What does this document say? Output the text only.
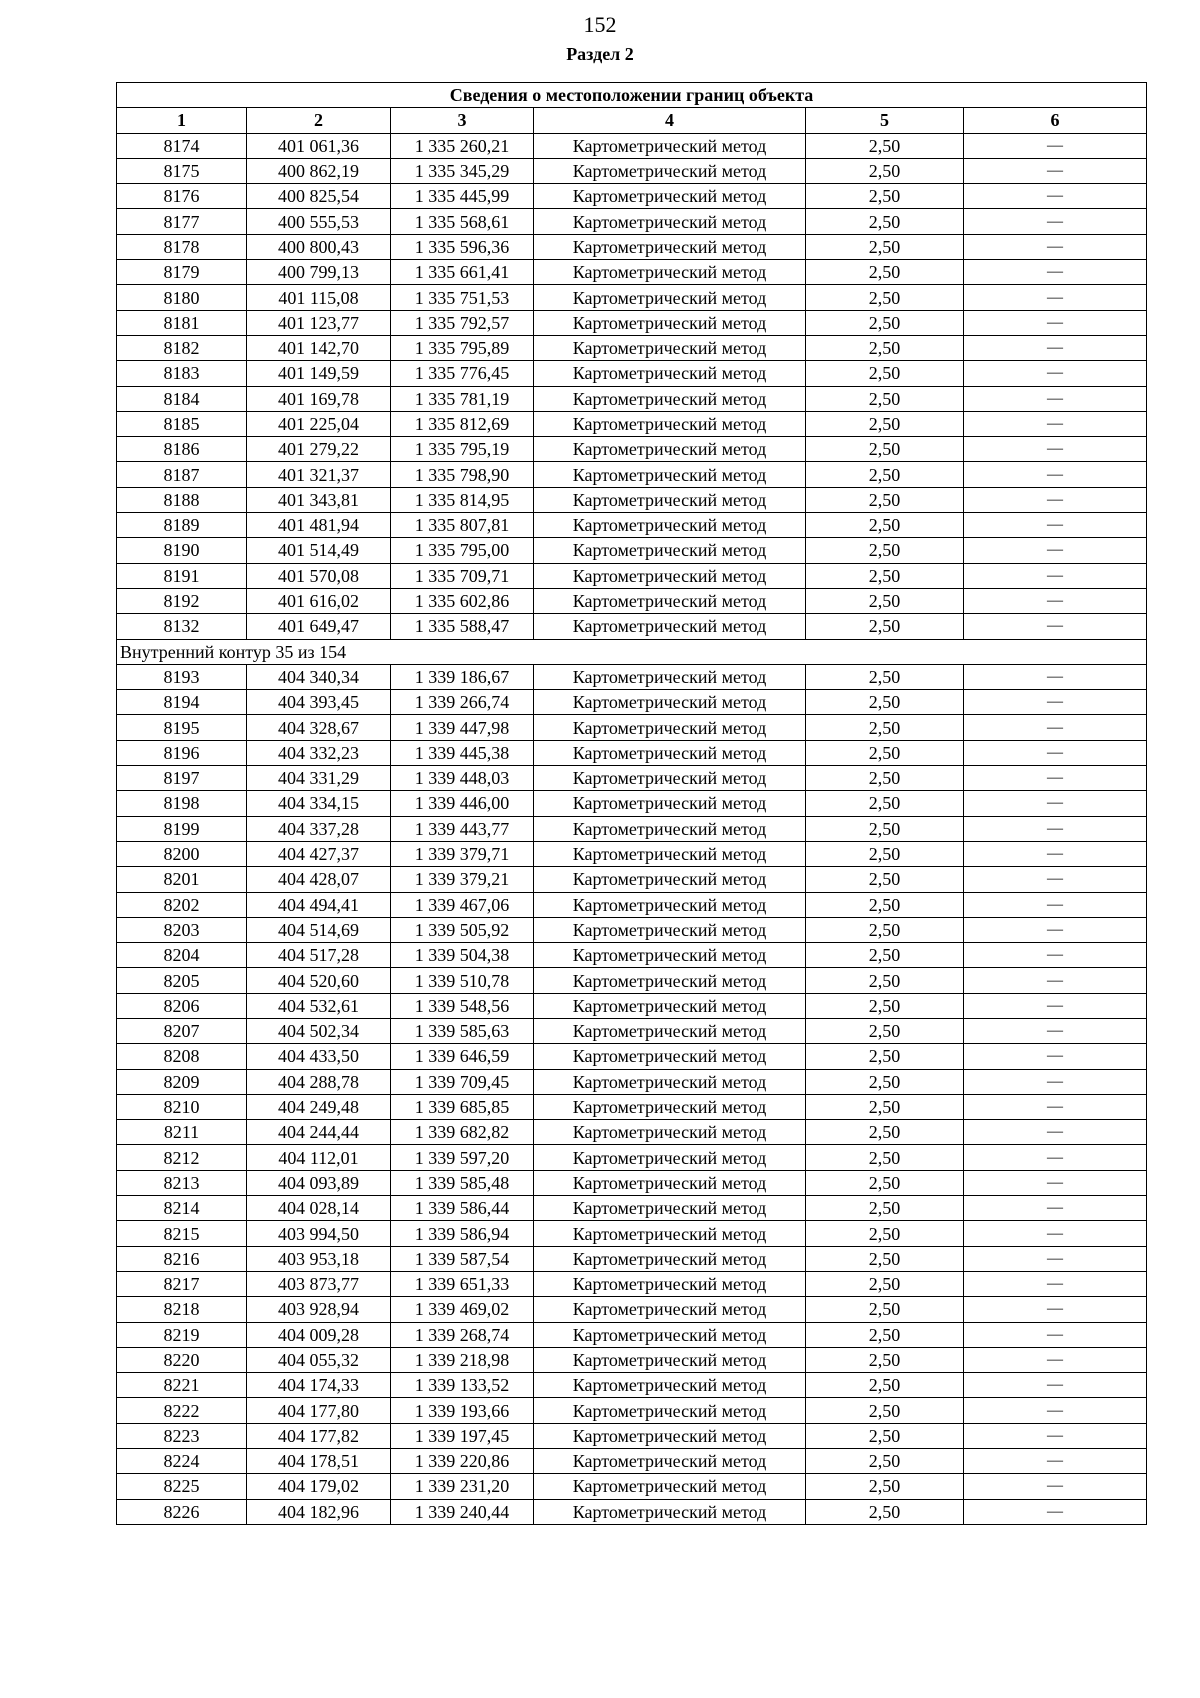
152
Раздел 2
Сведения о местоположении границ объекта					
1	2	3	4	5	6
8174	401 061,36	1 335 260,21	Картометрический метод	2,50	—
8175	400 862,19	1 335 345,29	Картометрический метод	2,50	—
8176	400 825,54	1 335 445,99	Картометрический метод	2,50	—
8177	400 555,53	1 335 568,61	Картометрический метод	2,50	—
8178	400 800,43	1 335 596,36	Картометрический метод	2,50	—
8179	400 799,13	1 335 661,41	Картометрический метод	2,50	—
8180	401 115,08	1 335 751,53	Картометрический метод	2,50	—
8181	401 123,77	1 335 792,57	Картометрический метод	2,50	—
8182	401 142,70	1 335 795,89	Картометрический метод	2,50	—
8183	401 149,59	1 335 776,45	Картометрический метод	2,50	—
8184	401 169,78	1 335 781,19	Картометрический метод	2,50	—
8185	401 225,04	1 335 812,69	Картометрический метод	2,50	—
8186	401 279,22	1 335 795,19	Картометрический метод	2,50	—
8187	401 321,37	1 335 798,90	Картометрический метод	2,50	—
8188	401 343,81	1 335 814,95	Картометрический метод	2,50	—
8189	401 481,94	1 335 807,81	Картометрический метод	2,50	—
8190	401 514,49	1 335 795,00	Картометрический метод	2,50	—
8191	401 570,08	1 335 709,71	Картометрический метод	2,50	—
8192	401 616,02	1 335 602,86	Картометрический метод	2,50	—
8132	401 649,47	1 335 588,47	Картометрический метод	2,50	—
Внутренний контур 35 из 154					
8193	404 340,34	1 339 186,67	Картометрический метод	2,50	—
8194	404 393,45	1 339 266,74	Картометрический метод	2,50	—
8195	404 328,67	1 339 447,98	Картометрический метод	2,50	—
8196	404 332,23	1 339 445,38	Картометрический метод	2,50	—
8197	404 331,29	1 339 448,03	Картометрический метод	2,50	—
8198	404 334,15	1 339 446,00	Картометрический метод	2,50	—
8199	404 337,28	1 339 443,77	Картометрический метод	2,50	—
8200	404 427,37	1 339 379,71	Картометрический метод	2,50	—
8201	404 428,07	1 339 379,21	Картометрический метод	2,50	—
8202	404 494,41	1 339 467,06	Картометрический метод	2,50	—
8203	404 514,69	1 339 505,92	Картометрический метод	2,50	—
8204	404 517,28	1 339 504,38	Картометрический метод	2,50	—
8205	404 520,60	1 339 510,78	Картометрический метод	2,50	—
8206	404 532,61	1 339 548,56	Картометрический метод	2,50	—
8207	404 502,34	1 339 585,63	Картометрический метод	2,50	—
8208	404 433,50	1 339 646,59	Картометрический метод	2,50	—
8209	404 288,78	1 339 709,45	Картометрический метод	2,50	—
8210	404 249,48	1 339 685,85	Картометрический метод	2,50	—
8211	404 244,44	1 339 682,82	Картометрический метод	2,50	—
8212	404 112,01	1 339 597,20	Картометрический метод	2,50	—
8213	404 093,89	1 339 585,48	Картометрический метод	2,50	—
8214	404 028,14	1 339 586,44	Картометрический метод	2,50	—
8215	403 994,50	1 339 586,94	Картометрический метод	2,50	—
8216	403 953,18	1 339 587,54	Картометрический метод	2,50	—
8217	403 873,77	1 339 651,33	Картометрический метод	2,50	—
8218	403 928,94	1 339 469,02	Картометрический метод	2,50	—
8219	404 009,28	1 339 268,74	Картометрический метод	2,50	—
8220	404 055,32	1 339 218,98	Картометрический метод	2,50	—
8221	404 174,33	1 339 133,52	Картометрический метод	2,50	—
8222	404 177,80	1 339 193,66	Картометрический метод	2,50	—
8223	404 177,82	1 339 197,45	Картометрический метод	2,50	—
8224	404 178,51	1 339 220,86	Картометрический метод	2,50	—
8225	404 179,02	1 339 231,20	Картометрический метод	2,50	—
8226	404 182,96	1 339 240,44	Картометрический метод	2,50	—
